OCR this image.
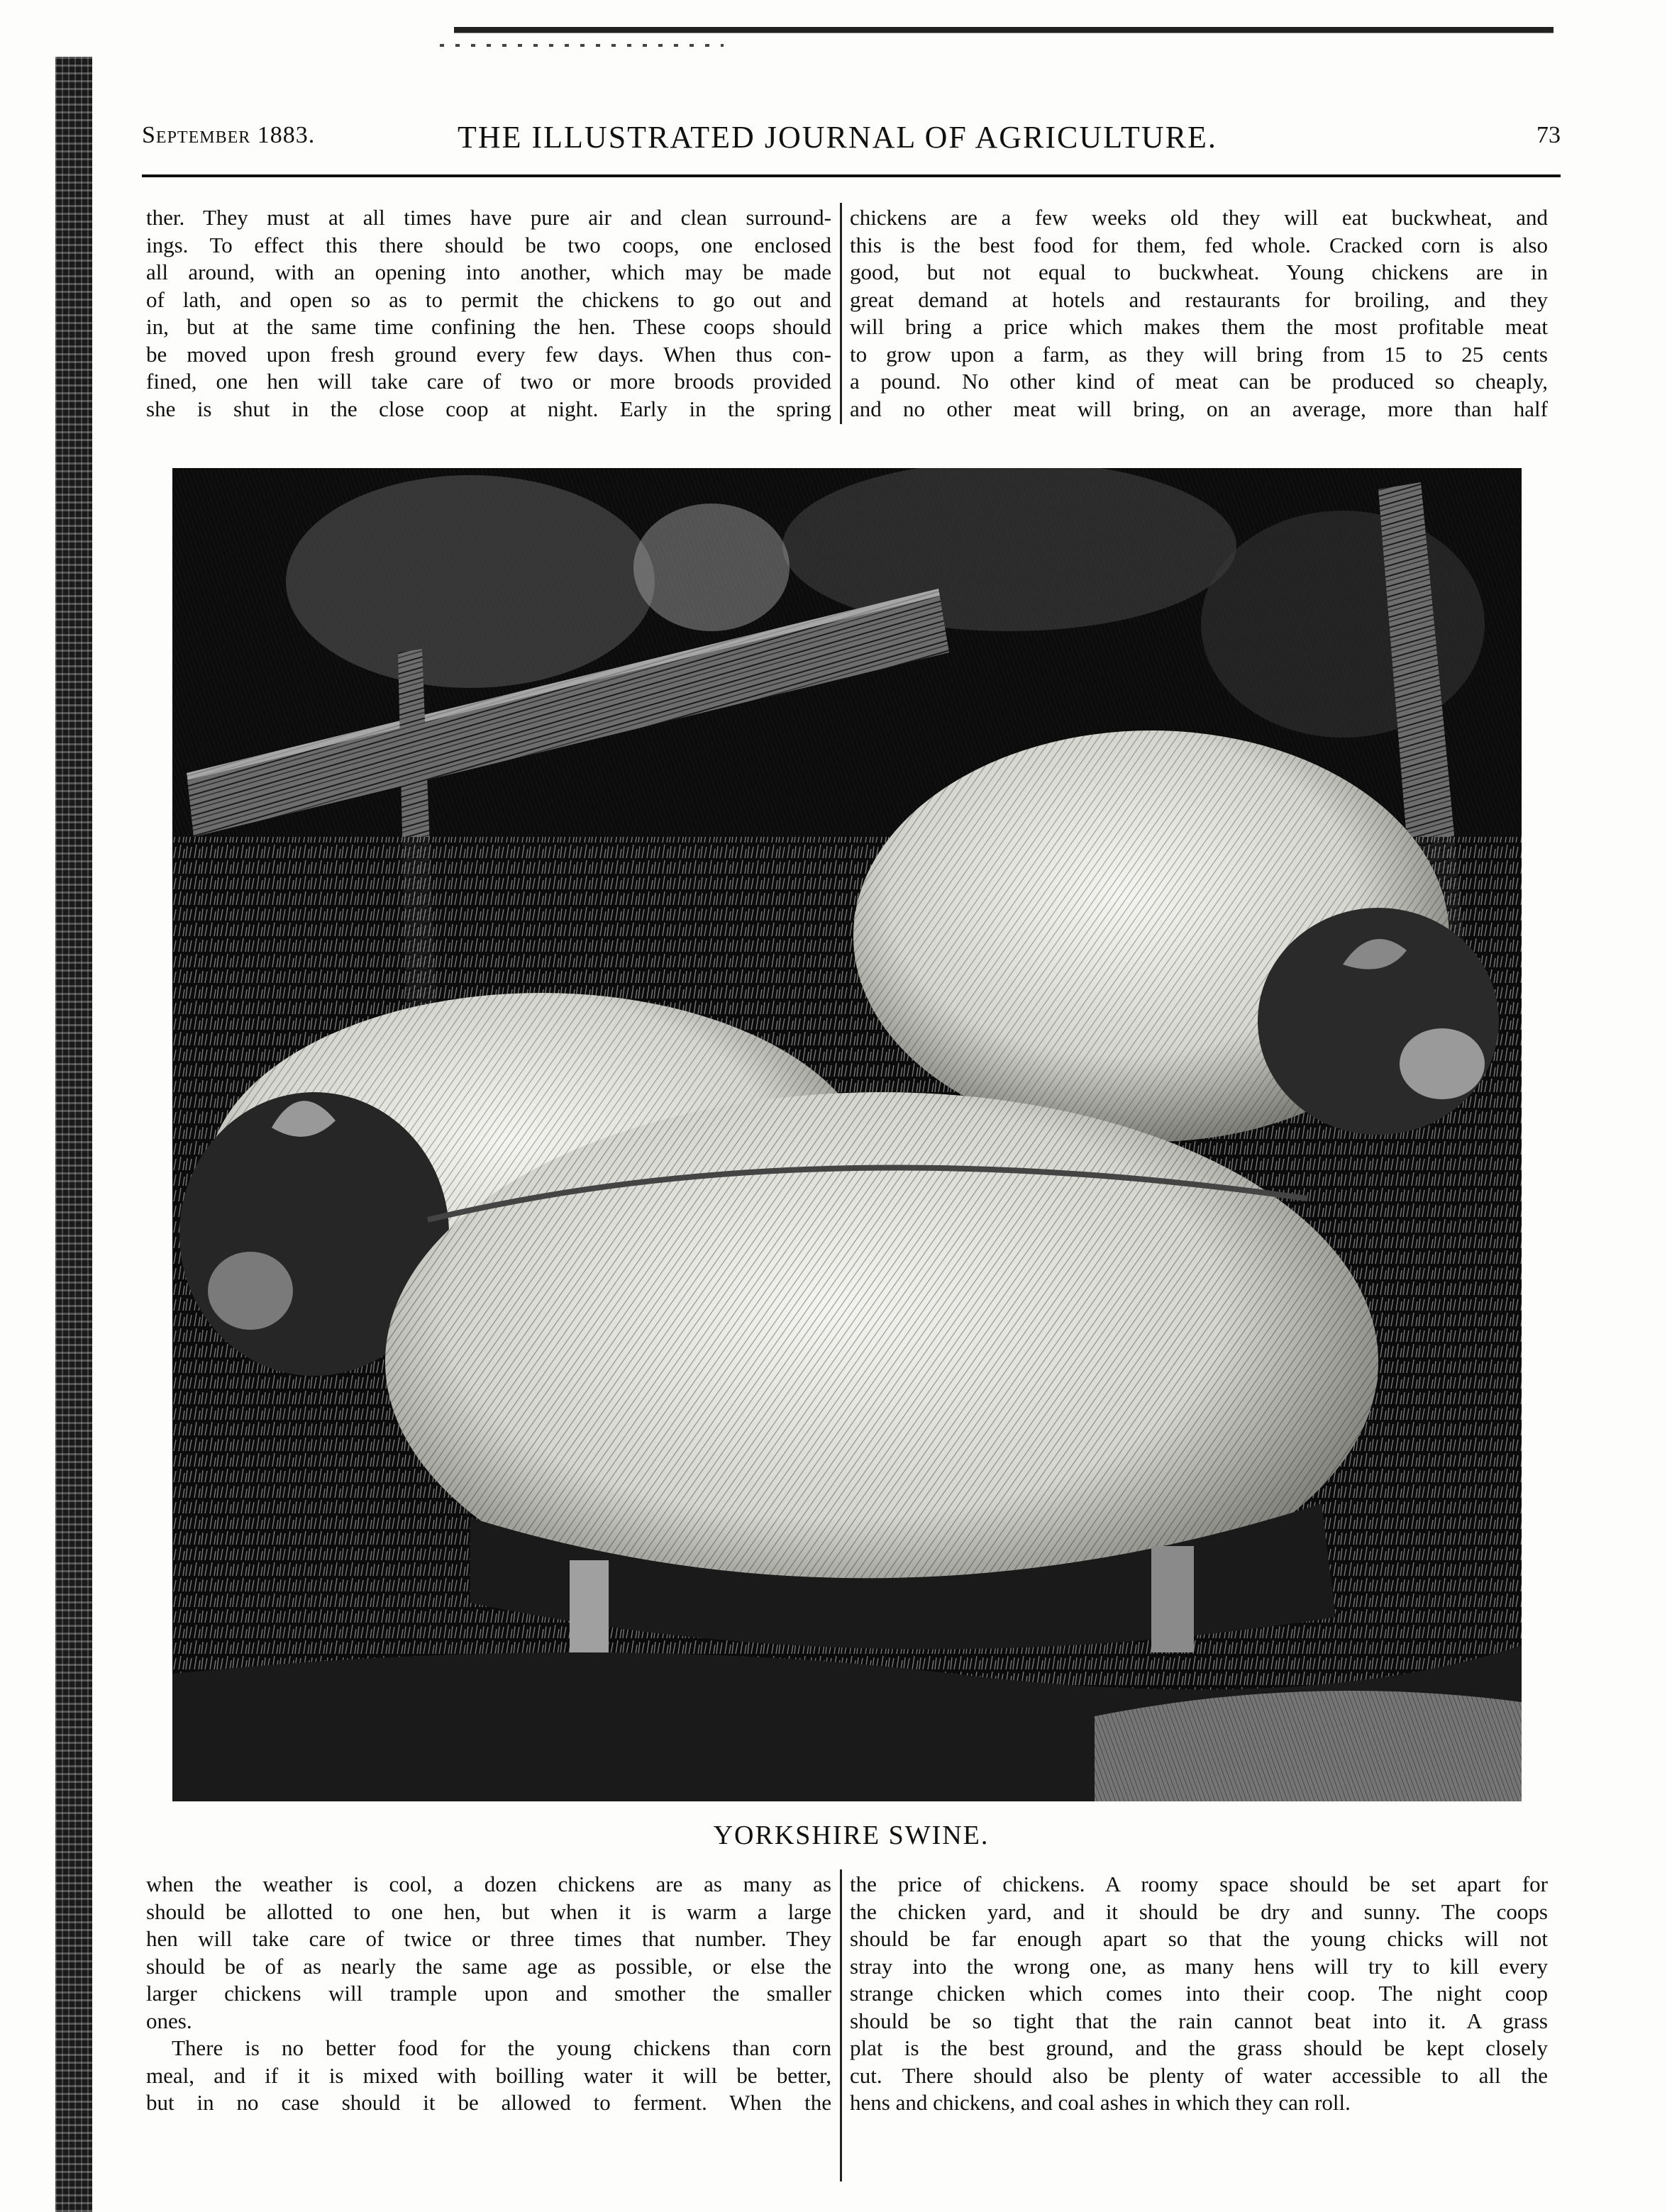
September 1883.	THE ILLUSTRATED JOURNAL OF AGRICULTURE.	73

ther. They must at all times have pure air and clean surround-

ings. To effect this there should be two coops, one enclosed

all around, with an opening into another, which may be made

of lath, and open so as to permit the chickens to go out and

in, but at the same time confining the hen. These coops should

be moved upon fresh ground every few days. When thus con-

fined, one hen will take care of two or more broods provided

she is shut in the close coop at night. Early in the spring

chickens are a few weeks old they will eat buckwheat, and

this is the best food for them, fed whole. Cracked corn is also

good, but not equal to buckwheat. Young chickens are in

great demand at hotels and restaurants for broiling, and they

will bring a price which makes them the most profitable meat

to grow upon a farm, as they will bring from 15 to 25 cents

a pound. No other kind of meat can be produced so cheaply,

and no other meat will bring, on an average, more than half

YORKSHIRE SWINE.

when the weather is cool, a dozen chickens are as many as

should be allotted to one hen, but when it is warm a large

hen will take care of twice or three times that number. They

should be of as nearly the same age as possible, or else the

larger chickens will trample upon and smother the smaller

ones.

There is no better food for the young chickens than corn

meal, and if it is mixed with boilling water it will be better,

but in no case should it be allowed to ferment. When the

the price of chickens. A roomy space should be set apart for

the chicken yard, and it should be dry and sunny. The coops

should be far enough apart so that the young chicks will not

stray into the wrong one, as many hens will try to kill every

strange chicken which comes into their coop. The night coop

should be so tight that the rain cannot beat into it. A grass

plat is the best ground, and the grass should be kept closely

cut. There should also be plenty of water accessible to all the

hens and chickens, and coal ashes in which they can roll.
